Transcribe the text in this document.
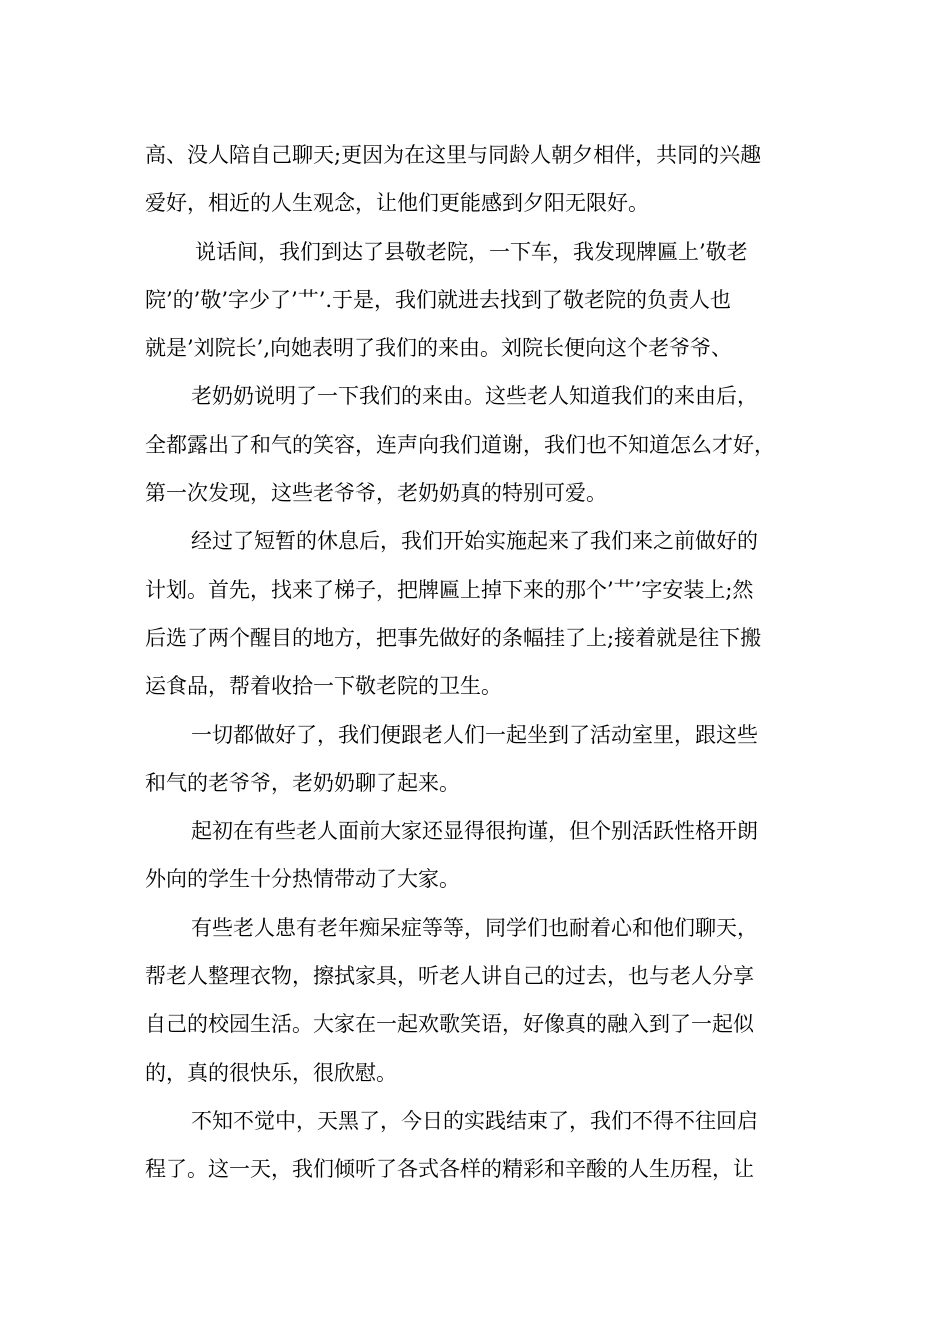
高、没人陪自己聊天;更因为在这里与同龄人朝夕相伴，共同的兴趣
爱好，相近的人生观念，让他们更能感到夕阳无限好。
说话间，我们到达了县敬老院，一下车，我发现牌匾上’敬老
院’的’敬’字少了’艹’.于是，我们就进去找到了敬老院的负责人也
就是’刘院长’,向她表明了我们的来由。刘院长便向这个老爷爷、
老奶奶说明了一下我们的来由。这些老人知道我们的来由后，
全都露出了和气的笑容，连声向我们道谢，我们也不知道怎么才好，
第一次发现，这些老爷爷，老奶奶真的特别可爱。
经过了短暂的休息后，我们开始实施起来了我们来之前做好的
计划。首先，找来了梯子，把牌匾上掉下来的那个’艹’字安装上;然
后选了两个醒目的地方，把事先做好的条幅挂了上;接着就是往下搬
运食品，帮着收拾一下敬老院的卫生。
一切都做好了，我们便跟老人们一起坐到了活动室里，跟这些
和气的老爷爷，老奶奶聊了起来。
起初在有些老人面前大家还显得很拘谨，但个别活跃性格开朗
外向的学生十分热情带动了大家。
有些老人患有老年痴呆症等等，同学们也耐着心和他们聊天，
帮老人整理衣物，擦拭家具，听老人讲自己的过去，也与老人分享
自己的校园生活。大家在一起欢歌笑语，好像真的融入到了一起似
的，真的很快乐，很欣慰。
不知不觉中，天黑了，今日的实践结束了，我们不得不往回启
程了。这一天，我们倾听了各式各样的精彩和辛酸的人生历程，让
